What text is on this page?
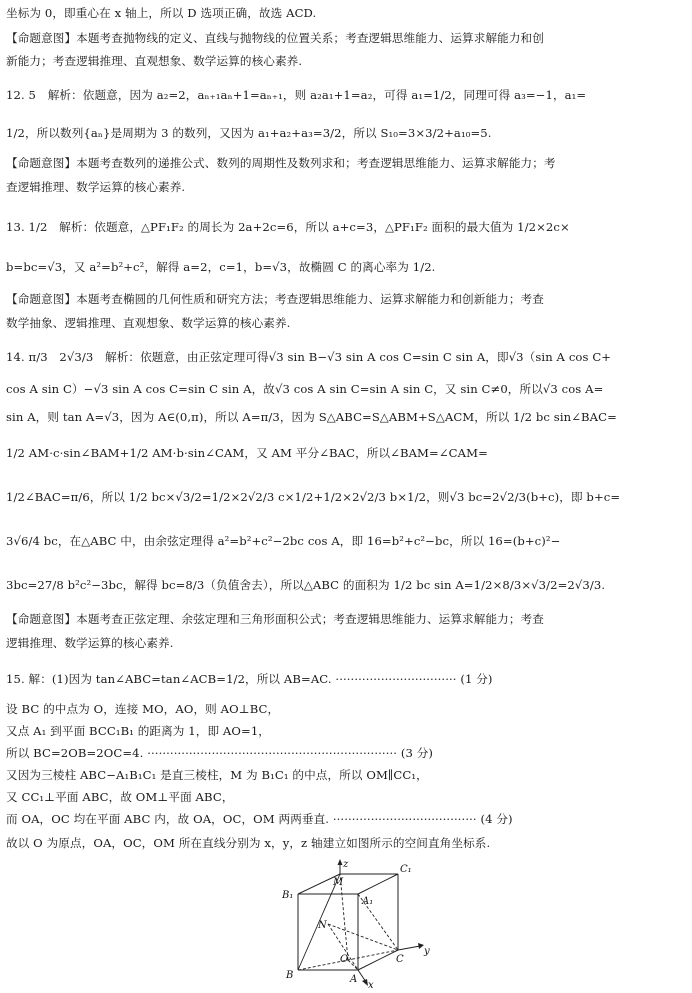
坐标为 0，即重心在 x 轴上，所以 D 选项正确，故选 ACD.
【命题意图】本题考查抛物线的定义、直线与抛物线的位置关系；考查逻辑思维能力、运算求解能力和创
新能力；考查逻辑推理、直观想象、数学运算的核心素养.
12. 5　解析：依题意，因为 a₂=2，aₙ₊₁aₙ+1=aₙ₊₁，则 a₂a₁+1=a₂，可得 a₁=1/2，同理可得 a₃=−1，a₁=
1/2，所以数列{aₙ}是周期为 3 的数列，又因为 a₁+a₂+a₃=3/2，所以 S₁₀=3×3/2+a₁₀=5.
【命题意图】本题考查数列的递推公式、数列的周期性及数列求和；考查逻辑思维能力、运算求解能力；考
查逻辑推理、数学运算的核心素养.
13. 1/2　解析：依题意，△PF₁F₂ 的周长为 2a+2c=6，所以 a+c=3，△PF₁F₂ 面积的最大值为 1/2×2c×
b=bc=√3，又 a²=b²+c²，解得 a=2，c=1，b=√3，故椭圆 C 的离心率为 1/2.
【命题意图】本题考查椭圆的几何性质和研究方法；考查逻辑思维能力、运算求解能力和创新能力；考查
数学抽象、逻辑推理、直观想象、数学运算的核心素养.
14. π/3　2√3/3　解析：依题意，由正弦定理可得√3 sin B−√3 sin A cos C=sin C sin A，即√3（sin A cos C+
cos A sin C）−√3 sin A cos C=sin C sin A，故√3 cos A sin C=sin A sin C，又 sin C≠0，所以√3 cos A=
sin A，则 tan A=√3，因为 A∈(0,π)，所以 A=π/3，因为 S△ABC=S△ABM+S△ACM，所以 1/2 bc sin∠BAC=
1/2 AM·c·sin∠BAM+1/2 AM·b·sin∠CAM，又 AM 平分∠BAC，所以∠BAM=∠CAM=
1/2∠BAC=π/6，所以 1/2 bc×√3/2=1/2×2√2/3 c×1/2+1/2×2√2/3 b×1/2，则√3 bc=2√2/3(b+c)，即 b+c=
3√6/4 bc，在△ABC 中，由余弦定理得 a²=b²+c²−2bc cos A，即 16=b²+c²−bc，所以 16=(b+c)²−
3bc=27/8 b²c²−3bc，解得 bc=8/3（负值舍去），所以△ABC 的面积为 1/2 bc sin A=1/2×8/3×√3/2=2√3/3.
【命题意图】本题考查正弦定理、余弦定理和三角形面积公式；考查逻辑思维能力、运算求解能力；考查
逻辑推理、数学运算的核心素养.
15. 解：(1)因为 tan∠ABC=tan∠ACB=1/2，所以 AB=AC. ································ (1 分)
设 BC 的中点为 O，连接 MO，AO，则 AO⊥BC，
又点 A₁ 到平面 BCC₁B₁ 的距离为 1，即 AO=1，
所以 BC=2OB=2OC=4. ·································································· (3 分)
又因为三棱柱 ABC−A₁B₁C₁ 是直三棱柱，M 为 B₁C₁ 的中点，所以 OM∥CC₁，
又 CC₁⊥平面 ABC，故 OM⊥平面 ABC，
而 OA，OC 均在平面 ABC 内，故 OA，OC，OM 两两垂直. ······································ (4 分)
故以 O 为原点，OA，OC，OM 所在直线分别为 x，y，z 轴建立如图所示的空间直角坐标系.
z
M
C₁
B₁
A₁
N
O	C
y
B	A
x
